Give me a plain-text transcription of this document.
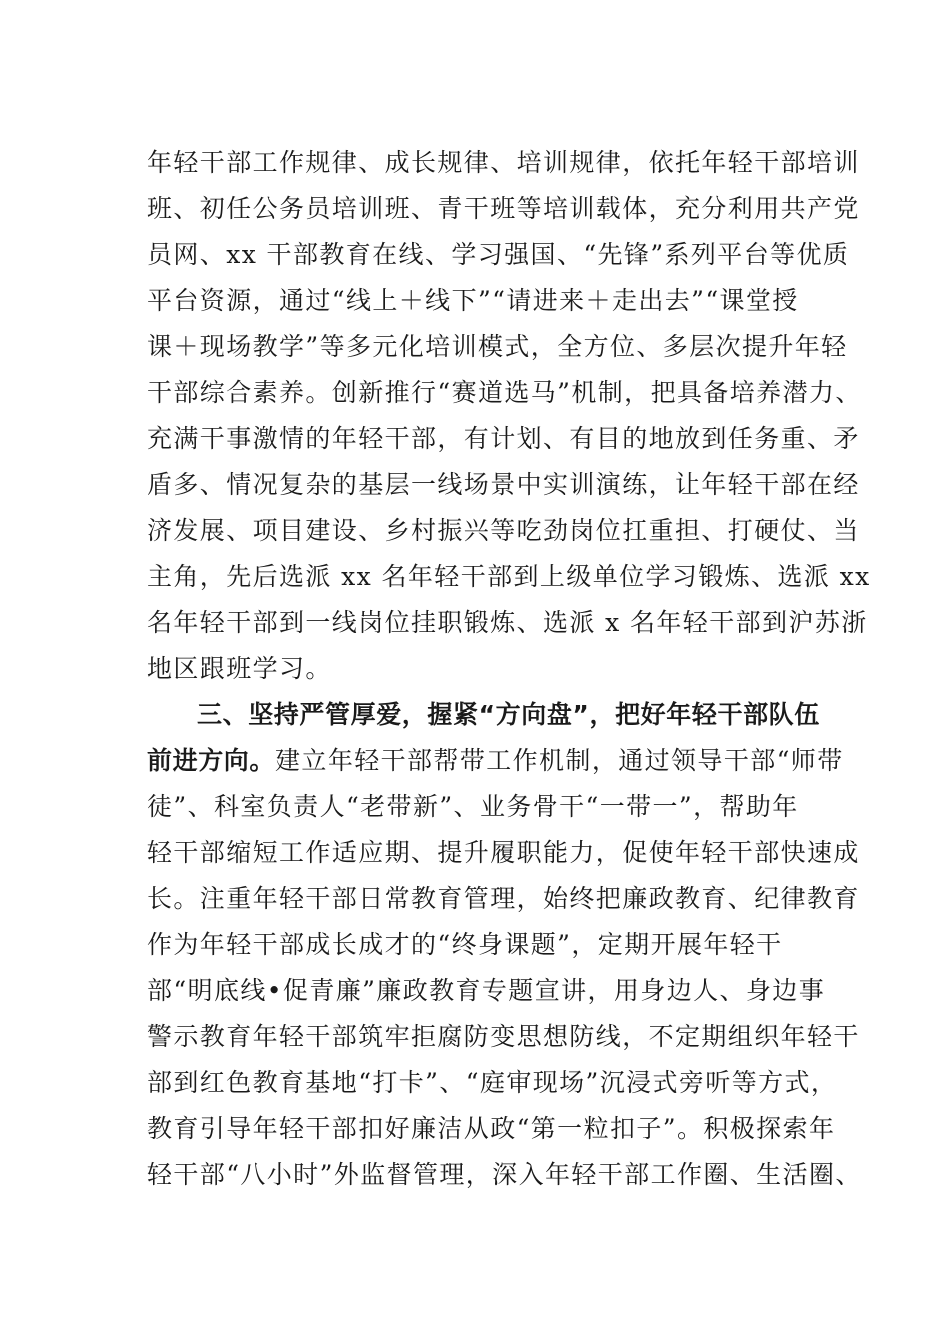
年轻干部工作规律、成长规律、培训规律，依托年轻干部培训
班、初任公务员培训班、青干班等培训载体，充分利用共产党
员网、xx 干部教育在线、学习强国、“先锋”系列平台等优质
平台资源，通过“线上＋线下”“请进来＋走出去”“课堂授
课＋现场教学”等多元化培训模式，全方位、多层次提升年轻
干部综合素养。创新推行“赛道选马”机制，把具备培养潜力、
充满干事激情的年轻干部，有计划、有目的地放到任务重、矛
盾多、情况复杂的基层一线场景中实训演练，让年轻干部在经
济发展、项目建设、乡村振兴等吃劲岗位扛重担、打硬仗、当
主角，先后选派 xx 名年轻干部到上级单位学习锻炼、选派 xx
名年轻干部到一线岗位挂职锻炼、选派 x 名年轻干部到沪苏浙
地区跟班学习。
三、坚持严管厚爱，握紧“方向盘”，把好年轻干部队伍
前进方向。建立年轻干部帮带工作机制，通过领导干部“师带
徒”、科室负责人“老带新”、业务骨干“一带一”，帮助年
轻干部缩短工作适应期、提升履职能力，促使年轻干部快速成
长。注重年轻干部日常教育管理，始终把廉政教育、纪律教育
作为年轻干部成长成才的“终身课题”，定期开展年轻干
部“明底线•促青廉”廉政教育专题宣讲，用身边人、身边事
警示教育年轻干部筑牢拒腐防变思想防线，不定期组织年轻干
部到红色教育基地“打卡”、“庭审现场”沉浸式旁听等方式，
教育引导年轻干部扣好廉洁从政“第一粒扣子”。积极探索年
轻干部“八小时”外监督管理，深入年轻干部工作圈、生活圈、
